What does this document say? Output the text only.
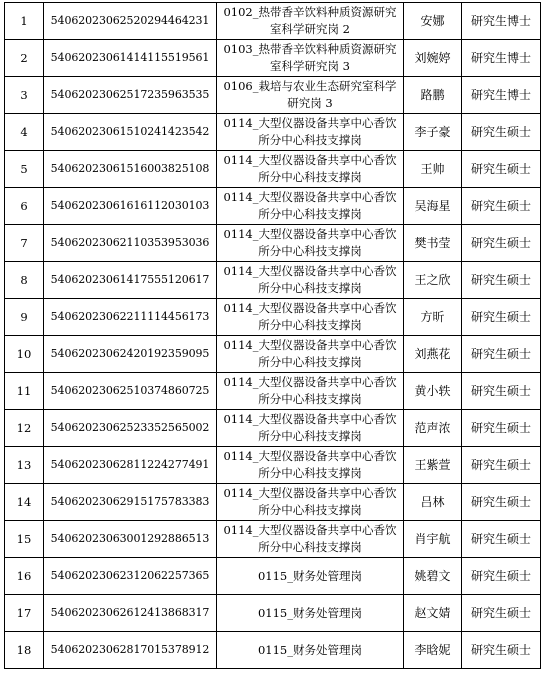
1	54062023062520294464231	0102_热带香辛饮料种质资源研究室科学研究岗 2	安娜	研究生博士
2	54062023061414115519561	0103_热带香辛饮料种质资源研究室科学研究岗 3	刘婉婷	研究生博士
3	54062023062517235963535	0106_栽培与农业生态研究室科学研究岗 3	路鹏	研究生博士
4	54062023061510241423542	0114_大型仪器设备共享中心香饮所分中心科技支撑岗	李子豪	研究生硕士
5	54062023061516003825108	0114_大型仪器设备共享中心香饮所分中心科技支撑岗	王帅	研究生硕士
6	54062023061616112030103	0114_大型仪器设备共享中心香饮所分中心科技支撑岗	吴海星	研究生硕士
7	54062023062110353953036	0114_大型仪器设备共享中心香饮所分中心科技支撑岗	樊书莹	研究生硕士
8	54062023061417555120617	0114_大型仪器设备共享中心香饮所分中心科技支撑岗	王之欣	研究生硕士
9	54062023062211114456173	0114_大型仪器设备共享中心香饮所分中心科技支撑岗	方昕	研究生硕士
10	54062023062420192359095	0114_大型仪器设备共享中心香饮所分中心科技支撑岗	刘燕花	研究生硕士
11	54062023062510374860725	0114_大型仪器设备共享中心香饮所分中心科技支撑岗	黄小轶	研究生硕士
12	54062023062523352565002	0114_大型仪器设备共享中心香饮所分中心科技支撑岗	范声浓	研究生硕士
13	54062023062811224277491	0114_大型仪器设备共享中心香饮所分中心科技支撑岗	王紫萱	研究生硕士
14	54062023062915175783383	0114_大型仪器设备共享中心香饮所分中心科技支撑岗	吕林	研究生硕士
15	54062023063001292886513	0114_大型仪器设备共享中心香饮所分中心科技支撑岗	肖宇航	研究生硕士
16	54062023062312062257365	0115_财务处管理岗	姚碧文	研究生硕士
17	54062023062612413868317	0115_财务处管理岗	赵文婧	研究生硕士
18	54062023062817015378912	0115_财务处管理岗	李晗妮	研究生硕士
